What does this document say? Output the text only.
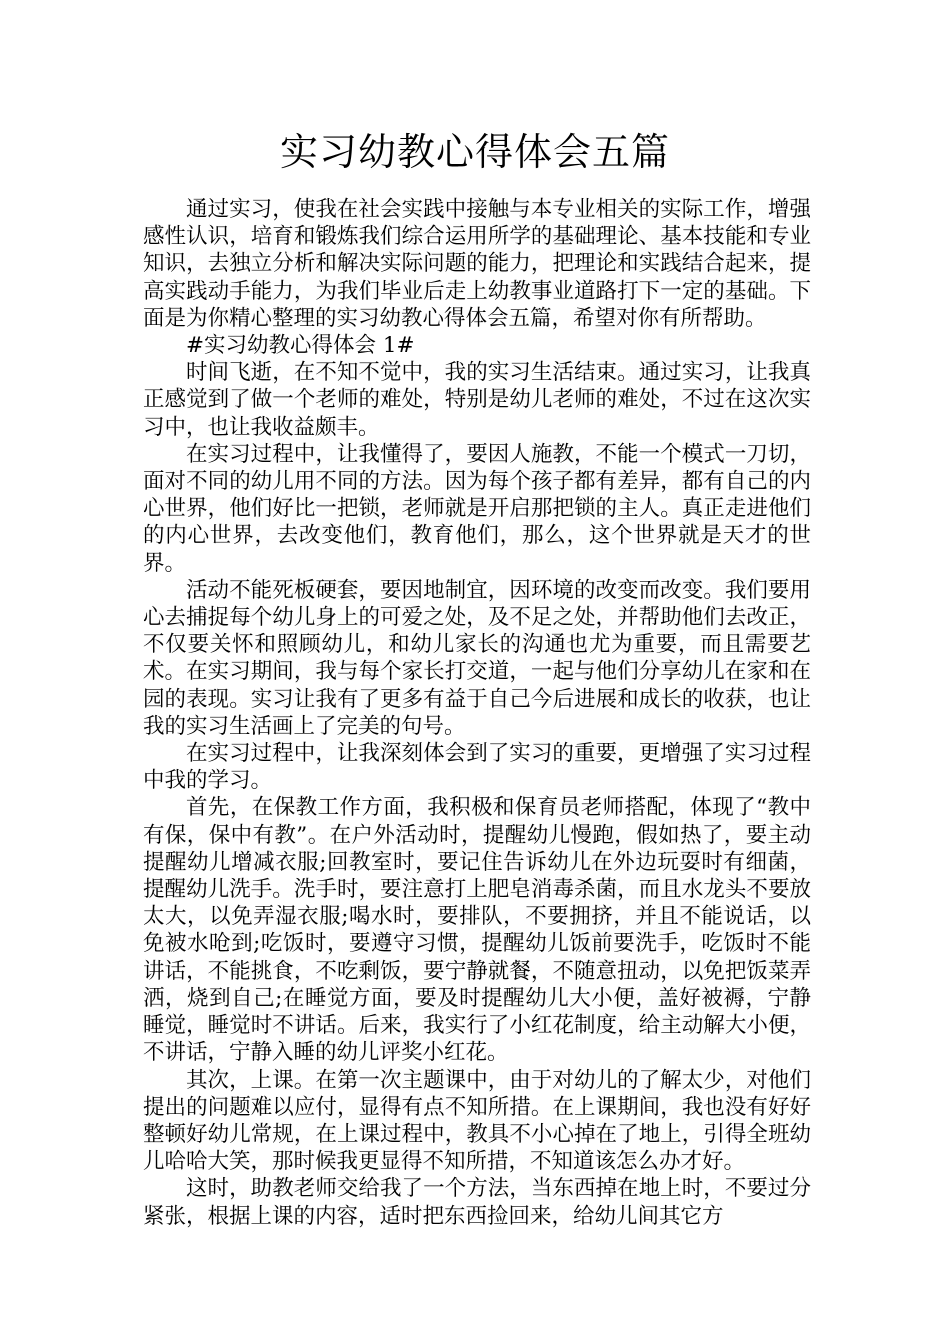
实习幼教心得体会五篇

通过实习，使我在社会实践中接触与本专业相关的实际工作，增强感性认识，培育和锻炼我们综合运用所学的基础理论、基本技能和专业知识，去独立分析和解决实际问题的能力，把理论和实践结合起来，提高实践动手能力，为我们毕业后走上幼教事业道路打下一定的基础。下面是为你精心整理的实习幼教心得体会五篇，希望对你有所帮助。

#实习幼教心得体会 1#

时间飞逝，在不知不觉中，我的实习生活结束。通过实习，让我真正感觉到了做一个老师的难处，特别是幼儿老师的难处，不过在这次实习中，也让我收益颇丰。

在实习过程中，让我懂得了，要因人施教，不能一个模式一刀切，面对不同的幼儿用不同的方法。因为每个孩子都有差异，都有自己的内心世界，他们好比一把锁，老师就是开启那把锁的主人。真正走进他们的内心世界，去改变他们，教育他们，那么，这个世界就是天才的世界。

活动不能死板硬套，要因地制宜，因环境的改变而改变。我们要用心去捕捉每个幼儿身上的可爱之处，及不足之处，并帮助他们去改正，不仅要关怀和照顾幼儿，和幼儿家长的沟通也尤为重要，而且需要艺术。在实习期间，我与每个家长打交道，一起与他们分享幼儿在家和在园的表现。实习让我有了更多有益于自己今后进展和成长的收获，也让我的实习生活画上了完美的句号。

在实习过程中，让我深刻体会到了实习的重要，更增强了实习过程中我的学习。

首先，在保教工作方面，我积极和保育员老师搭配，体现了“教中有保，保中有教”。在户外活动时，提醒幼儿慢跑，假如热了，要主动提醒幼儿增减衣服;回教室时，要记住告诉幼儿在外边玩耍时有细菌，提醒幼儿洗手。洗手时，要注意打上肥皂消毒杀菌，而且水龙头不要放太大，以免弄湿衣服;喝水时，要排队，不要拥挤，并且不能说话，以免被水呛到;吃饭时，要遵守习惯，提醒幼儿饭前要洗手，吃饭时不能讲话，不能挑食，不吃剩饭，要宁静就餐，不随意扭动，以免把饭菜弄洒，烧到自己;在睡觉方面，要及时提醒幼儿大小便，盖好被褥，宁静睡觉，睡觉时不讲话。后来，我实行了小红花制度，给主动解大小便，不讲话，宁静入睡的幼儿评奖小红花。

其次，上课。在第一次主题课中，由于对幼儿的了解太少，对他们提出的问题难以应付，显得有点不知所措。在上课期间，我也没有好好整顿好幼儿常规，在上课过程中，教具不小心掉在了地上，引得全班幼儿哈哈大笑，那时候我更显得不知所措，不知道该怎么办才好。

这时，助教老师交给我了一个方法，当东西掉在地上时，不要过分紧张，根据上课的内容，适时把东西捡回来，给幼儿间其它方
